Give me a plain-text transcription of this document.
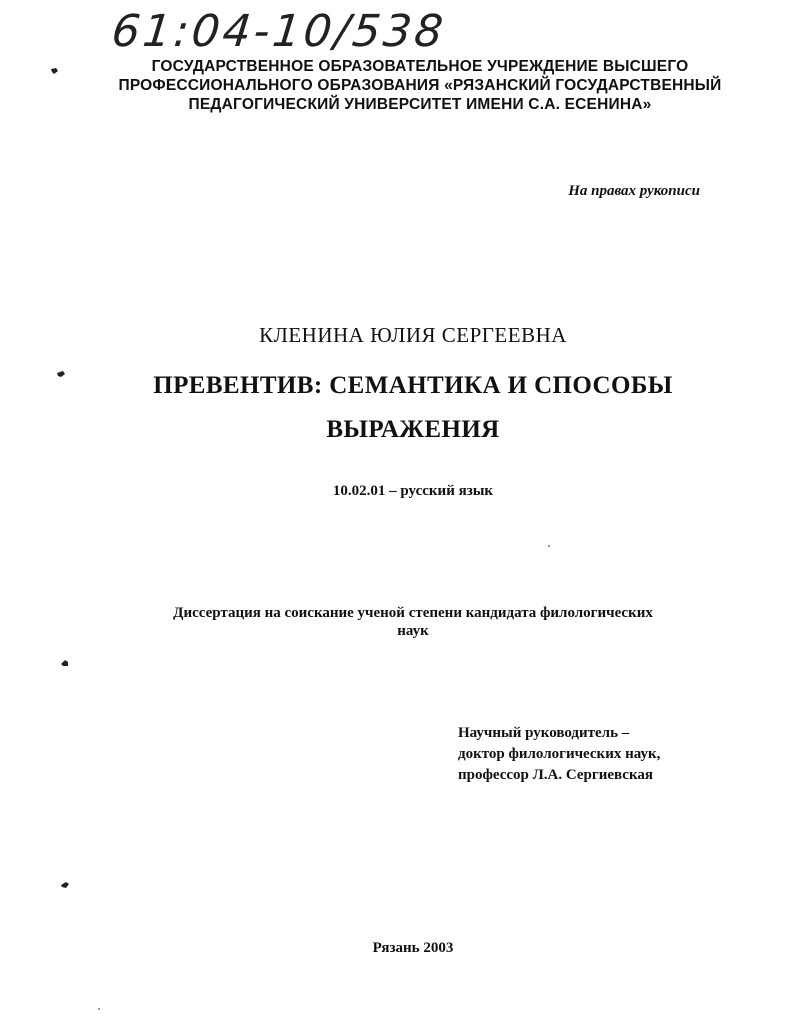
61:04-10/538
ГОСУДАРСТВЕННОЕ ОБРАЗОВАТЕЛЬНОЕ УЧРЕЖДЕНИЕ ВЫСШЕГО
ПРОФЕССИОНАЛЬНОГО ОБРАЗОВАНИЯ «РЯЗАНСКИЙ ГОСУДАРСТВЕННЫЙ
ПЕДАГОГИЧЕСКИЙ УНИВЕРСИТЕТ ИМЕНИ С.А. ЕСЕНИНА»
На правах рукописи
КЛЕНИНА ЮЛИЯ СЕРГЕЕВНА
ПРЕВЕНТИВ: СЕМАНТИКА И СПОСОБЫ
ВЫРАЖЕНИЯ
10.02.01 – русский язык
Диссертация на соискание ученой степени кандидата филологических
наук
Научный руководитель –
доктор филологических наук,
профессор Л.А. Сергиевская
Рязань 2003
